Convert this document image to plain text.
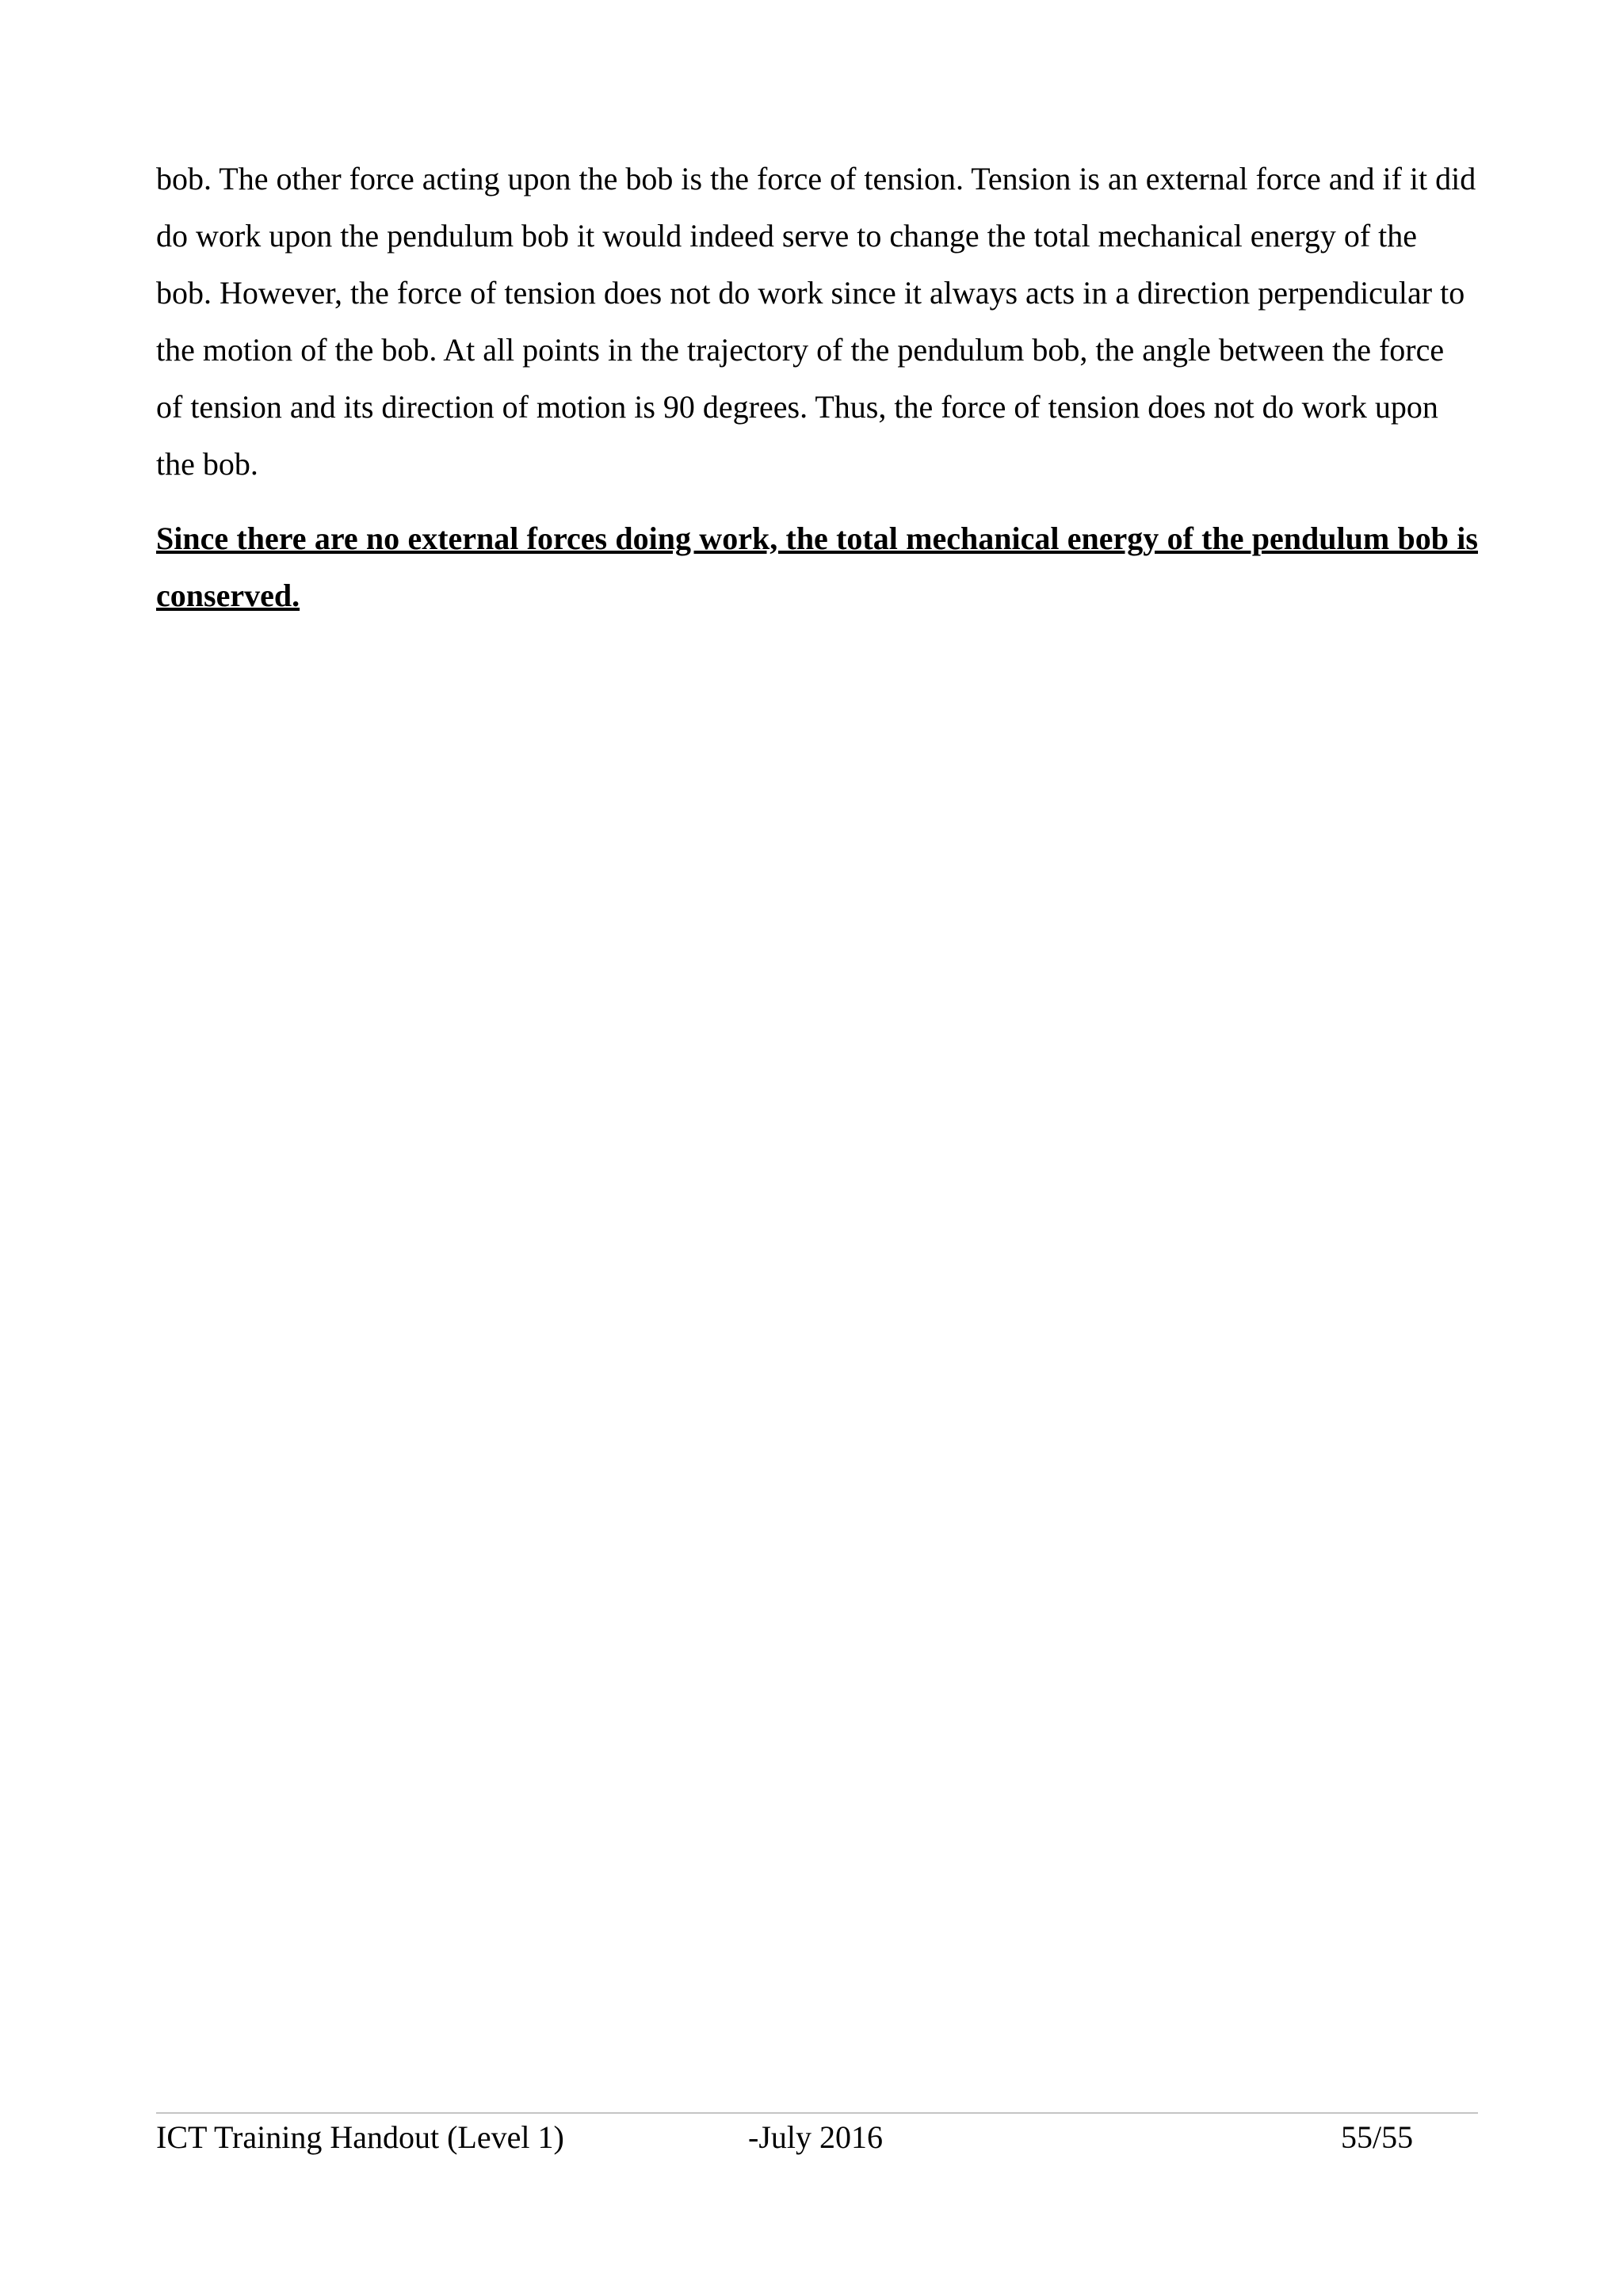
bob. The other force acting upon the bob is the force of tension. Tension is an external force and if it did do work upon the pendulum bob it would indeed serve to change the total mechanical energy of the bob. However, the force of tension does not do work since it always acts in a direction perpendicular to the motion of the bob. At all points in the trajectory of the pendulum bob, the angle between the force of tension and its direction of motion is 90 degrees. Thus, the force of tension does not do work upon the bob.

Since there are no external forces doing work, the total mechanical energy of the pendulum bob is conserved.

ICT Training Handout (Level 1)	-July 2016	55/55
